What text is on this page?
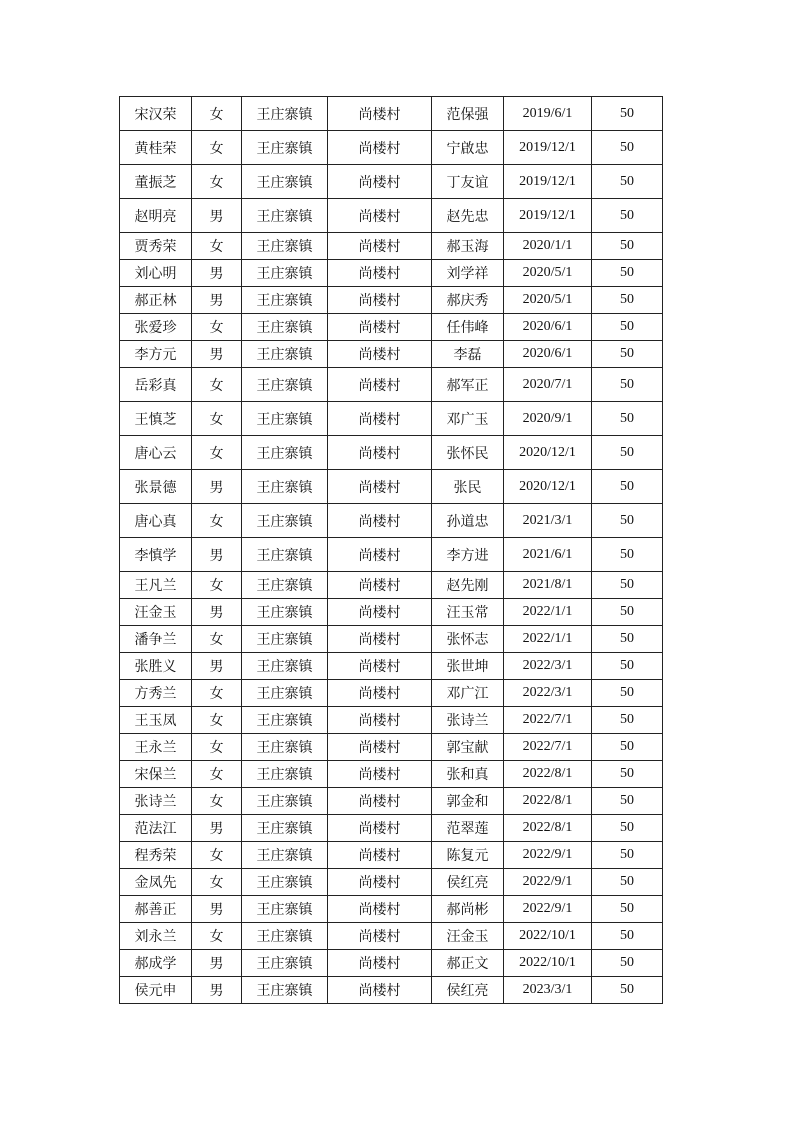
宋汉荣	女	王庄寨镇	尚楼村	范保强	2019/6/1	50
黄桂荣	女	王庄寨镇	尚楼村	宁啟忠	2019/12/1	50
董振芝	女	王庄寨镇	尚楼村	丁友谊	2019/12/1	50
赵明亮	男	王庄寨镇	尚楼村	赵先忠	2019/12/1	50
贾秀荣	女	王庄寨镇	尚楼村	郝玉海	2020/1/1	50
刘心明	男	王庄寨镇	尚楼村	刘学祥	2020/5/1	50
郝正林	男	王庄寨镇	尚楼村	郝庆秀	2020/5/1	50
张爱珍	女	王庄寨镇	尚楼村	任伟峰	2020/6/1	50
李方元	男	王庄寨镇	尚楼村	李磊	2020/6/1	50
岳彩真	女	王庄寨镇	尚楼村	郝军正	2020/7/1	50
王慎芝	女	王庄寨镇	尚楼村	邓广玉	2020/9/1	50
唐心云	女	王庄寨镇	尚楼村	张怀民	2020/12/1	50
张景德	男	王庄寨镇	尚楼村	张民	2020/12/1	50
唐心真	女	王庄寨镇	尚楼村	孙道忠	2021/3/1	50
李慎学	男	王庄寨镇	尚楼村	李方进	2021/6/1	50
王凡兰	女	王庄寨镇	尚楼村	赵先刚	2021/8/1	50
汪金玉	男	王庄寨镇	尚楼村	汪玉常	2022/1/1	50
潘争兰	女	王庄寨镇	尚楼村	张怀志	2022/1/1	50
张胜义	男	王庄寨镇	尚楼村	张世坤	2022/3/1	50
方秀兰	女	王庄寨镇	尚楼村	邓广江	2022/3/1	50
王玉凤	女	王庄寨镇	尚楼村	张诗兰	2022/7/1	50
王永兰	女	王庄寨镇	尚楼村	郭宝献	2022/7/1	50
宋保兰	女	王庄寨镇	尚楼村	张和真	2022/8/1	50
张诗兰	女	王庄寨镇	尚楼村	郭金和	2022/8/1	50
范法江	男	王庄寨镇	尚楼村	范翠莲	2022/8/1	50
程秀荣	女	王庄寨镇	尚楼村	陈复元	2022/9/1	50
金凤先	女	王庄寨镇	尚楼村	侯红亮	2022/9/1	50
郝善正	男	王庄寨镇	尚楼村	郝尚彬	2022/9/1	50
刘永兰	女	王庄寨镇	尚楼村	汪金玉	2022/10/1	50
郝成学	男	王庄寨镇	尚楼村	郝正文	2022/10/1	50
侯元申	男	王庄寨镇	尚楼村	侯红亮	2023/3/1	50
